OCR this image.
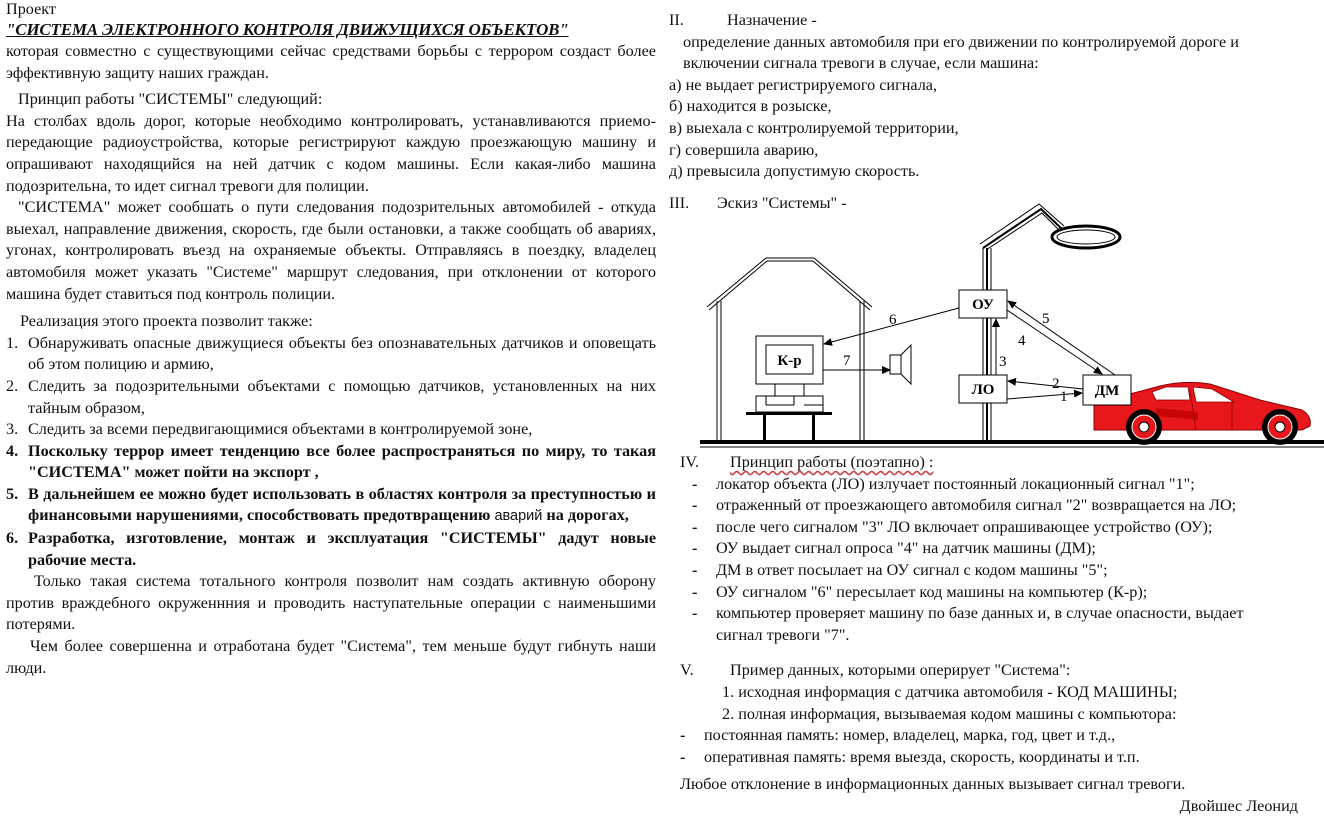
Проект

"СИСТЕМА ЭЛЕКТРОННОГО КОНТРОЛЯ ДВИЖУЩИХСЯ ОБЪЕКТОВ"

которая совместно с существующими сейчас средствами борьбы с террором создаст более эффективную защиту наших граждан.

Принцип работы "СИСТЕМЫ" следующий:

На столбах вдоль дорог, которые необходимо контролировать, устанавливаются приемо-передающие радиоустройства, которые регистрируют каждую проезжающую машину и опрашивают находящийся на ней датчик с кодом машины. Если какая-либо машина подозрительна, то идет сигнал тревоги для полиции.

"СИСТЕМА" может сообшать о пути следования подозрительных автомобилей - откуда выехал, направление движения, скорость, где были остановки, а также сообщать об авариях, угонах, контролировать въезд на охраняемые объекты. Отправляясь в поездку, владелец автомобиля может указать "Системе" маршрут следования, при отклонении от которого машина будет ставиться под контроль полиции.

Реализация этого проекта позволит также:

1. Обнаруживать опасные движущиеся объекты без опознавательных датчиков и оповещать об этом полицию и армию,
2. Следить за подозрительными объектами с помощью датчиков, установленных на них тайным образом,
3. Следить за всеми передвигающимися объектами в контролируемой зоне,
4. Поскольку террор имеет тенденцию все более распространяться по миру, то такая "СИСТЕМА" может пойти на экспорт ,
5. В дальнейшем ее можно будет использовать в областях контроля за преступностью и финансовыми нарушениями, способствовать предотвращению аварий на дорогах,
6. Разработка, изготовление, монтаж и эксплуатация "СИСТЕМЫ" дадут новые рабочие места.

Только такая система тотального контроля позволит нам создать активную оборону против враждебного окруженнния и проводить наступательные операции с наименьшими потерями.

Чем более совершенна и отработана будет "Система", тем меньше будут гибнуть наши люди.

II.	Назначение -

определение данных автомобиля при его движении по контролируемой дороге и включении сигнала тревоги в случае, если машина:

а) не выдает регистрируемого сигнала,

б) находится в розыске,

в) выехала с контролируемой территории,

г) совершила аварию,

д) превысила допустимую скорость.

III.	Эскиз "Системы" -
К-р
ОУ
ЛО	ДМ
1
2
3
4
5
6
7
IV.	Принцип работы (поэтапно) :
- локатор объекта (ЛО) излучает постоянный локационный сигнал "1";
- отраженный от проезжающего автомобиля сигнал "2" возвращается на ЛО;
- после чего сигналом "3" ЛО включает опрашивающее устройство (ОУ);
- ОУ выдает сигнал опроса "4" на датчик машины (ДМ);
- ДМ в ответ посылает на ОУ сигнал с кодом машины "5";
- ОУ сигналом "6" пересылает код машины на компьютер (К-р);
- компьютер проверяет машину по базе данных и, в случае опасности, выдает сигнал тревоги "7".
V.	Пример данных, которыми оперирует "Система":

1. исходная информация с датчика автомобиля - КОД МАШИНЫ;

2. полная информация, вызываемая кодом машины с компьютора:

- постоянная память: номер, владелец, марка, год, цвет и т.д.,
- оперативная память: время выезда, скорость, координаты и т.п.

Любое отклонение в информационных данных вызывает сигнал тревоги.

Двойшес Леонид
